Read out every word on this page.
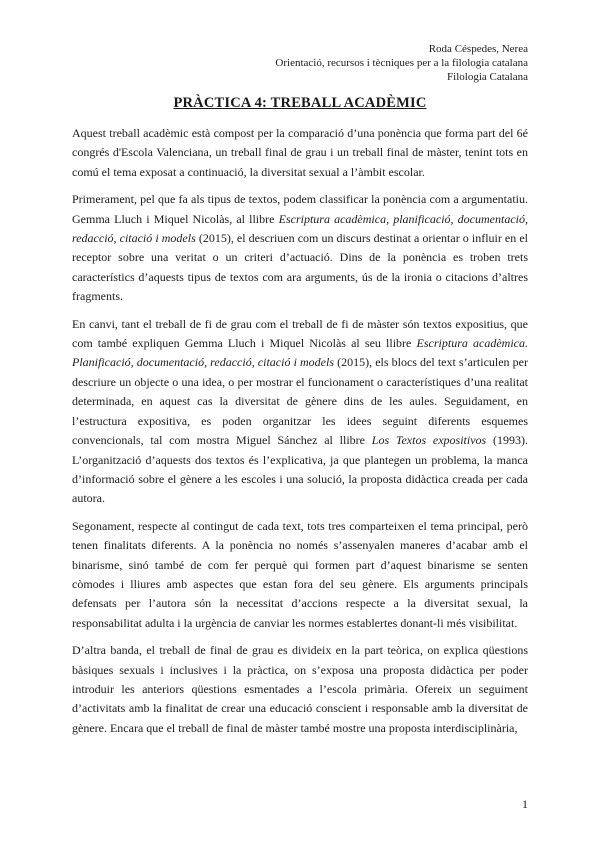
Roda Céspedes, Nerea
Orientació, recursos i tècniques per a la filologia catalana
Filologia Catalana
PRÀCTICA 4: TREBALL ACADÈMIC

Aquest treball acadèmic està compost per la comparació d’una ponència que forma part del 6é congrés d'Escola Valenciana, un treball final de grau i un treball final de màster, tenint tots en comú el tema exposat a continuació, la diversitat sexual a l’àmbit escolar.

Primerament, pel que fa als tipus de textos, podem classificar la ponència com a argumentatiu. Gemma Lluch i Miquel Nicolàs, al llibre Escriptura acadèmica, planificació, documentació, redacció, citació i models (2015), el descriuen com un discurs destinat a orientar o influir en el receptor sobre una veritat o un criteri d’actuació. Dins de la ponència es troben trets característics d’aquests tipus de textos com ara arguments, ús de la ironia o citacions d’altres fragments.

En canvi, tant el treball de fi de grau com el treball de fi de màster són textos expositius, que com també expliquen Gemma Lluch i Miquel Nicolàs al seu llibre Escriptura acadèmica. Planificació, documentació, redacció, citació i models (2015), els blocs del text s’articulen per descriure un objecte o una idea, o per mostrar el funcionament o característiques d’una realitat determinada, en aquest cas la diversitat de gènere dins de les aules. Seguidament, en l’estructura expositiva, es poden organitzar les idees seguint diferents esquemes convencionals, tal com mostra Miguel Sánchez al llibre Los Textos expositivos (1993). L’organització d’aquests dos textos és l’explicativa, ja que plantegen un problema, la manca d’informació sobre el gènere a les escoles i una solució, la proposta didàctica creada per cada autora.

Segonament, respecte al contingut de cada text, tots tres comparteixen el tema principal, però tenen finalitats diferents. A la ponència no només s’assenyalen maneres d’acabar amb el binarisme, sinó també de com fer perquè qui formen part d’aquest binarisme se senten còmodes i lliures amb aspectes que estan fora del seu gènere. Els arguments principals defensats per l’autora són la necessitat d’accions respecte a la diversitat sexual, la responsabilitat adulta i la urgència de canviar les normes establertes donant-li més visibilitat.

D’altra banda, el treball de final de grau es divideix en la part teòrica, on explica qüestions bàsiques sexuals i inclusives i la pràctica, on s’exposa una proposta didàctica per poder introduir les anteriors qüestions esmentades a l’escola primària. Ofereix un seguiment d’activitats amb la finalitat de crear una educació conscient i responsable amb la diversitat de gènere. Encara que el treball de final de màster també mostre una proposta interdisciplinària,

1
